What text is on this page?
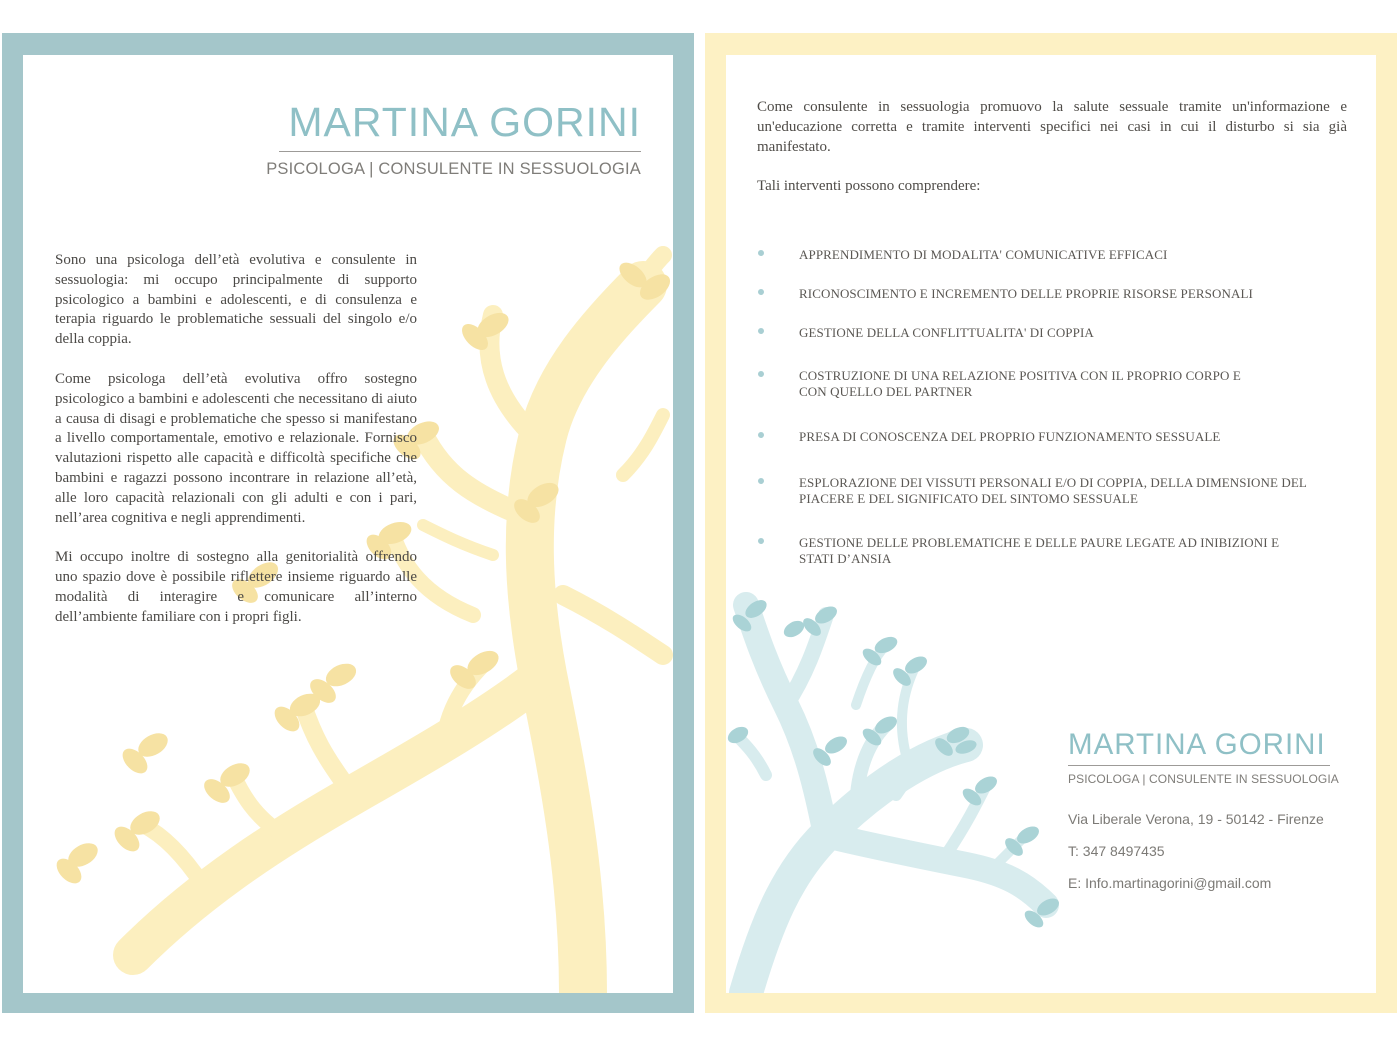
MARTINA GORINI
PSICOLOGA | CONSULENTE IN SESSUOLOGIA

Sono una psicologa dell’età evolutiva e consulente in sessuologia: mi occupo principalmente di supporto psicologico a bambini e adolescenti, e di consulenza e terapia riguardo le problematiche sessuali del singolo e/o della coppia.

Come psicologa dell’età evolutiva offro sostegno psicologico a bambini e adolescenti che necessitano di aiuto a causa di disagi e problematiche che spesso si manifestano a livello comportamentale, emotivo e relazionale. Fornisco valutazioni rispetto alle capacità e difficoltà specifiche che bambini e ragazzi possono incontrare in relazione all’età, alle loro capacità relazionali con gli adulti e con i pari, nell’area cognitiva e negli apprendimenti.

Mi occupo inoltre di sostegno alla genitorialità offrendo uno spazio dove è possibile riflettere insieme riguardo alle modalità di interagire e comunicare all’interno dell’ambiente familiare con i propri figli.

Come consulente in sessuologia promuovo la salute sessuale tramite un'informazione e un'educazione corretta e tramite interventi specifici nei casi in cui il disturbo si sia già manifestato.

Tali interventi possono comprendere:

APPRENDIMENTO DI MODALITA' COMUNICATIVE EFFICACI
RICONOSCIMENTO E INCREMENTO DELLE PROPRIE RISORSE PERSONALI
GESTIONE DELLA CONFLITTUALITA' DI COPPIA
COSTRUZIONE DI UNA RELAZIONE POSITIVA CON IL PROPRIO CORPO E CON QUELLO DEL PARTNER
PRESA DI CONOSCENZA DEL PROPRIO FUNZIONAMENTO SESSUALE
ESPLORAZIONE DEI VISSUTI PERSONALI E/O DI COPPIA, DELLA DIMENSIONE DEL PIACERE E DEL SIGNIFICATO DEL SINTOMO SESSUALE
GESTIONE DELLE PROBLEMATICHE E DELLE PAURE LEGATE AD INIBIZIONI E STATI D’ANSIA
MARTINA GORINI
PSICOLOGA | CONSULENTE IN SESSUOLOGIA
Via Liberale Verona, 19 - 50142 - Firenze
T: 347 8497435
E: Info.martinagorini@gmail.com
